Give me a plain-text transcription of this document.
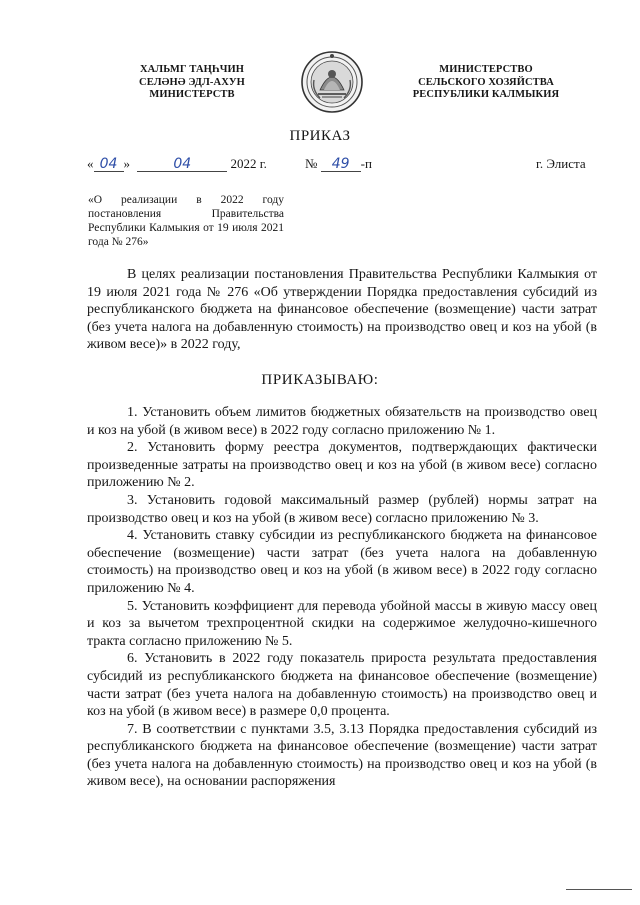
ХАЛЬМГ ТАҢҺЧИН
СЕЛӘНӘ ЭДЛ-АХУН
МИНИСТЕРСТВ
МИНИСТЕРСТВО
СЕЛЬСКОГО ХОЗЯЙСТВА
РЕСПУБЛИКИ КАЛМЫКИЯ
ПРИКАЗ
« 04 »	04	2022 г.	№ 49 -п	г. Элиста
«О реализации в 2022 году постановления Правительства Республики Калмыкия от 19 июля 2021 года № 276»

В целях реализации постановления Правительства Республики Калмыкия от 19 июля 2021 года № 276 «Об утверждении Порядка предоставления субсидий из республиканского бюджета на финансовое обеспечение (возмещение) части затрат (без учета налога на добавленную стоимость) на производство овец и коз на убой (в живом весе)» в 2022 году,

ПРИКАЗЫВАЮ:

1. Установить объем лимитов бюджетных обязательств на производство овец и коз на убой (в живом весе) в 2022 году согласно приложению № 1.

2. Установить форму реестра документов, подтверждающих фактически произведенные затраты на производство овец и коз на убой (в живом весе) согласно приложению № 2.

3. Установить годовой максимальный размер (рублей) нормы затрат на производство овец и коз на убой (в живом весе) согласно приложению № 3.

4. Установить ставку субсидии из республиканского бюджета на финансовое обеспечение (возмещение) части затрат (без учета налога на добавленную стоимость) на производство овец и коз на убой (в живом весе) в 2022 году согласно приложению № 4.

5. Установить коэффициент для перевода убойной массы в живую массу овец и коз за вычетом трехпроцентной скидки на содержимое желудочно-кишечного тракта согласно приложению № 5.

6. Установить в 2022 году показатель прироста результата предоставления субсидий из республиканского бюджета на финансовое обеспечение (возмещение) части затрат (без учета налога на добавленную стоимость) на производство овец и коз на убой (в живом весе) в размере 0,0 процента.

7. В соответствии с пунктами 3.5, 3.13 Порядка предоставления субсидий из республиканского бюджета на финансовое обеспечение (возмещение) части затрат (без учета налога на добавленную стоимость) на производство овец и коз на убой (в живом весе), на основании распоряжения
